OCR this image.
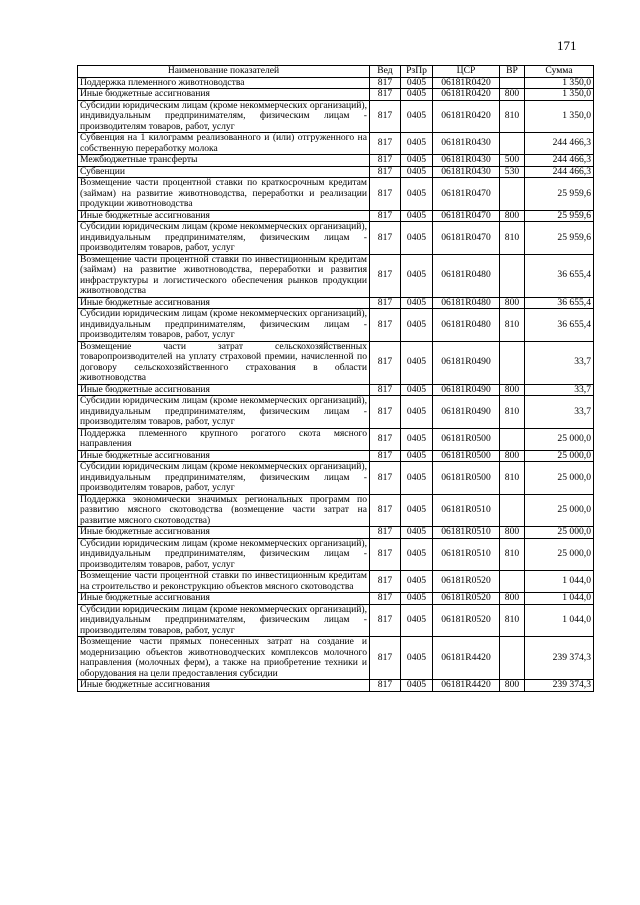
171
Наименование показателей	Вед	РзПр	ЦСР	ВР	Сумма
Поддержка племенного животноводства	817	0405	06181R0420		1 350,0
Иные бюджетные ассигнования	817	0405	06181R0420	800	1 350,0
Субсидии юридическим лицам (кроме некоммерческих организаций), индивидуальным предпринимателям, физическим лицам - производителям товаров, работ, услуг	817	0405	06181R0420	810	1 350,0
Субвенция на 1 килограмм реализованного и (или) отгруженного на собственную переработку молока	817	0405	06181R0430		244 466,3
Межбюджетные трансферты	817	0405	06181R0430	500	244 466,3
Субвенции	817	0405	06181R0430	530	244 466,3
Возмещение части процентной ставки по краткосрочным кредитам (займам) на развитие животноводства, переработки и реализации продукции животноводства	817	0405	06181R0470		25 959,6
Иные бюджетные ассигнования	817	0405	06181R0470	800	25 959,6
Субсидии юридическим лицам (кроме некоммерческих организаций), индивидуальным предпринимателям, физическим лицам - производителям товаров, работ, услуг	817	0405	06181R0470	810	25 959,6
Возмещение части процентной ставки по инвестиционным кредитам (займам) на развитие животноводства, переработки и развития инфраструктуры и логистического обеспечения рынков продукции животноводства	817	0405	06181R0480		36 655,4
Иные бюджетные ассигнования	817	0405	06181R0480	800	36 655,4
Субсидии юридическим лицам (кроме некоммерческих организаций), индивидуальным предпринимателям, физическим лицам - производителям товаров, работ, услуг	817	0405	06181R0480	810	36 655,4
Возмещение части затрат сельскохозяйственных товаропроизводителей на уплату страховой премии, начисленной по договору сельскохозяйственного страхования в области животноводства	817	0405	06181R0490		33,7
Иные бюджетные ассигнования	817	0405	06181R0490	800	33,7
Субсидии юридическим лицам (кроме некоммерческих организаций), индивидуальным предпринимателям, физическим лицам - производителям товаров, работ, услуг	817	0405	06181R0490	810	33,7
Поддержка племенного крупного рогатого скота мясного направления	817	0405	06181R0500		25 000,0
Иные бюджетные ассигнования	817	0405	06181R0500	800	25 000,0
Субсидии юридическим лицам (кроме некоммерческих организаций), индивидуальным предпринимателям, физическим лицам - производителям товаров, работ, услуг	817	0405	06181R0500	810	25 000,0
Поддержка экономически значимых региональных программ по развитию мясного скотоводства (возмещение части затрат на развитие мясного скотоводства)	817	0405	06181R0510		25 000,0
Иные бюджетные ассигнования	817	0405	06181R0510	800	25 000,0
Субсидии юридическим лицам (кроме некоммерческих организаций), индивидуальным предпринимателям, физическим лицам - производителям товаров, работ, услуг	817	0405	06181R0510	810	25 000,0
Возмещение части процентной ставки по инвестиционным кредитам на строительство и реконструкцию объектов мясного скотоводства	817	0405	06181R0520		1 044,0
Иные бюджетные ассигнования	817	0405	06181R0520	800	1 044,0
Субсидии юридическим лицам (кроме некоммерческих организаций), индивидуальным предпринимателям, физическим лицам - производителям товаров, работ, услуг	817	0405	06181R0520	810	1 044,0
Возмещение части прямых понесенных затрат на создание и модернизацию объектов животноводческих комплексов молочного направления (молочных ферм), а также на приобретение техники и оборудования на цели предоставления субсидии	817	0405	06181R4420		239 374,3
Иные бюджетные ассигнования	817	0405	06181R4420	800	239 374,3
